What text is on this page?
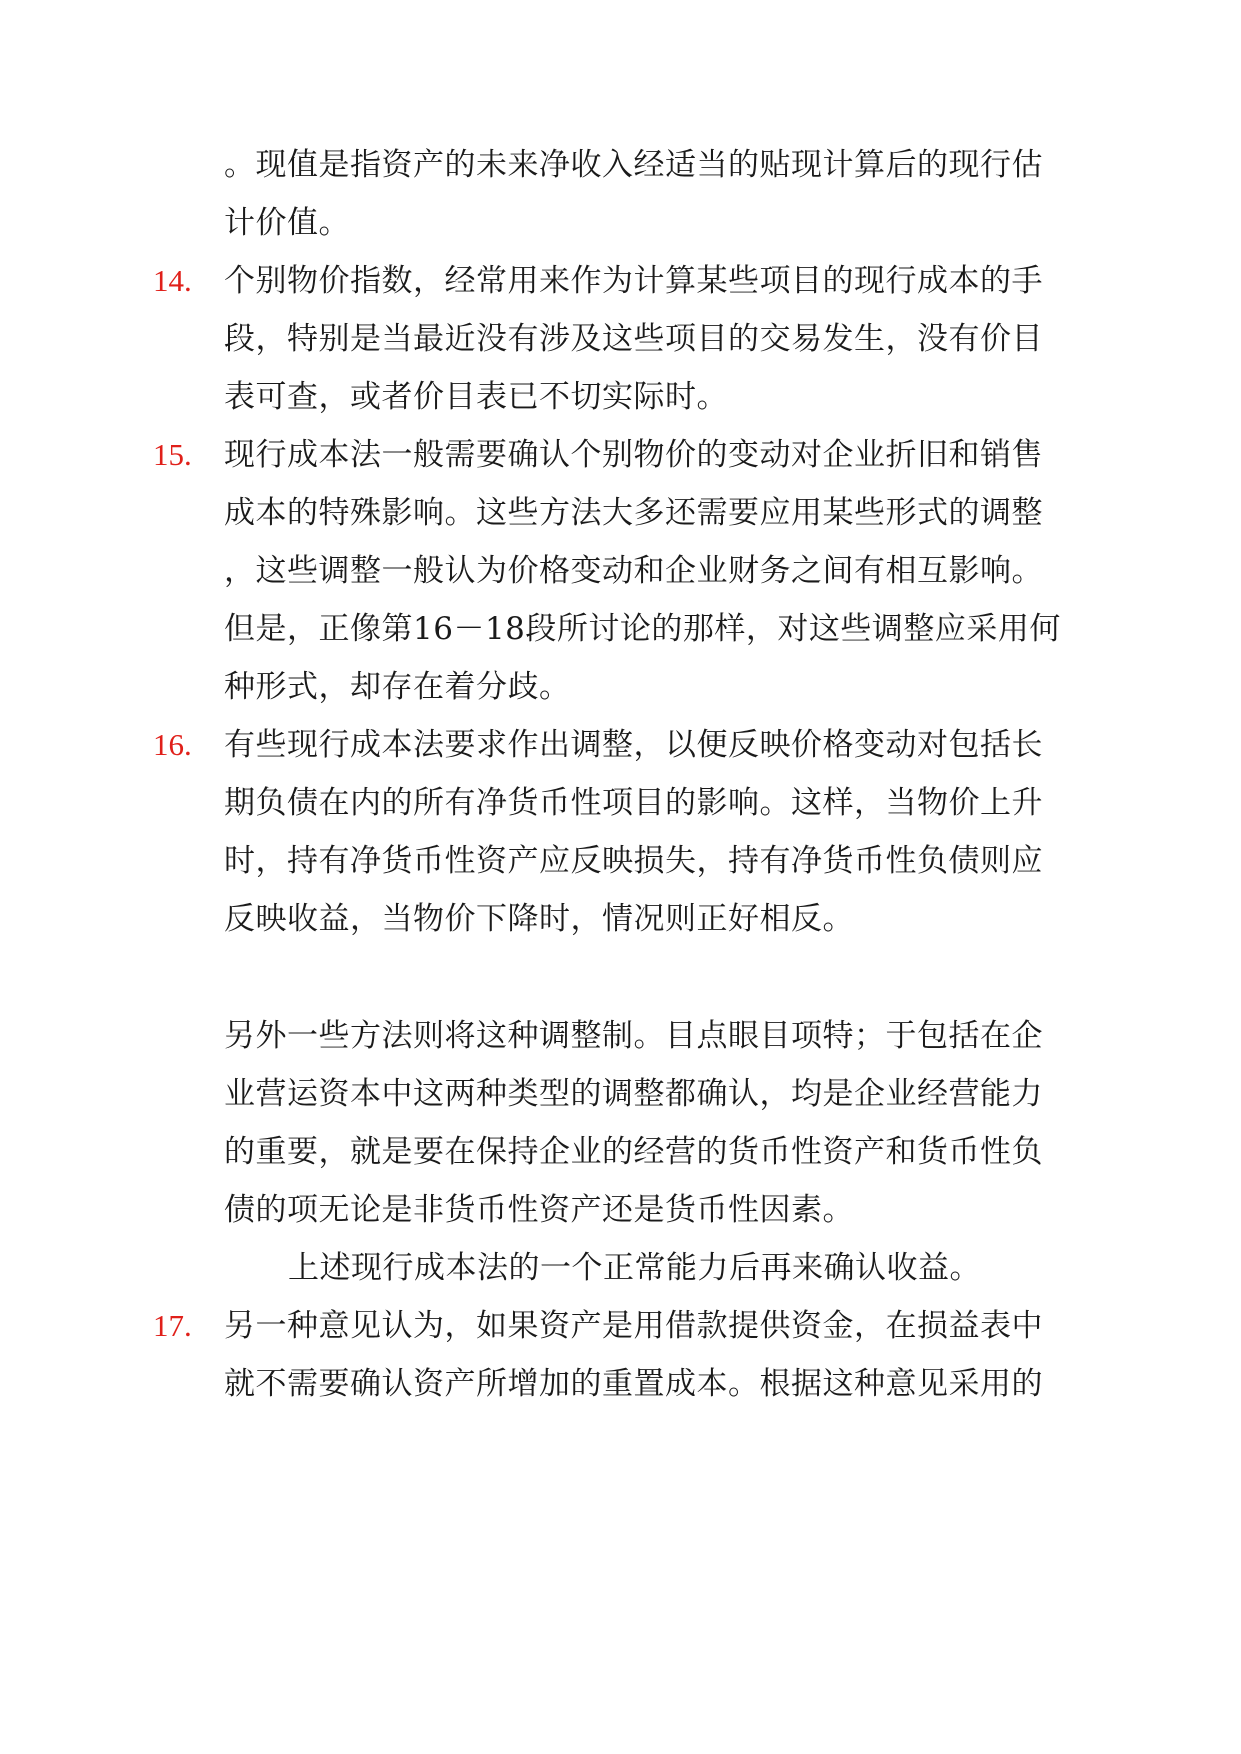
。现值是指资产的未来净收入经适当的贴现计算后的现行估
计价值。
14. 个别物价指数，经常用来作为计算某些项目的现行成本的手
段，特别是当最近没有涉及这些项目的交易发生，没有价目
表可查，或者价目表已不切实际时。
15. 现行成本法一般需要确认个别物价的变动对企业折旧和销售
成本的特殊影响。这些方法大多还需要应用某些形式的调整
，这些调整一般认为价格变动和企业财务之间有相互影响。
但是，正像第16－18段所讨论的那样，对这些调整应采用何
种形式，却存在着分歧。
16. 有些现行成本法要求作出调整，以便反映价格变动对包括长
期负债在内的所有净货币性项目的影响。这样，当物价上升
时，持有净货币性资产应反映损失，持有净货币性负债则应
反映收益，当物价下降时，情况则正好相反。
另外一些方法则将这种调整制。目点眼目项特；于包括在企
业营运资本中这两种类型的调整都确认，均是企业经营能力
的重要，就是要在保持企业的经营的货币性资产和货币性负
债的项无论是非货币性资产还是货币性因素。
上述现行成本法的一个正常能力后再来确认收益。
17. 另一种意见认为，如果资产是用借款提供资金，在损益表中
就不需要确认资产所增加的重置成本。根据这种意见采用的
